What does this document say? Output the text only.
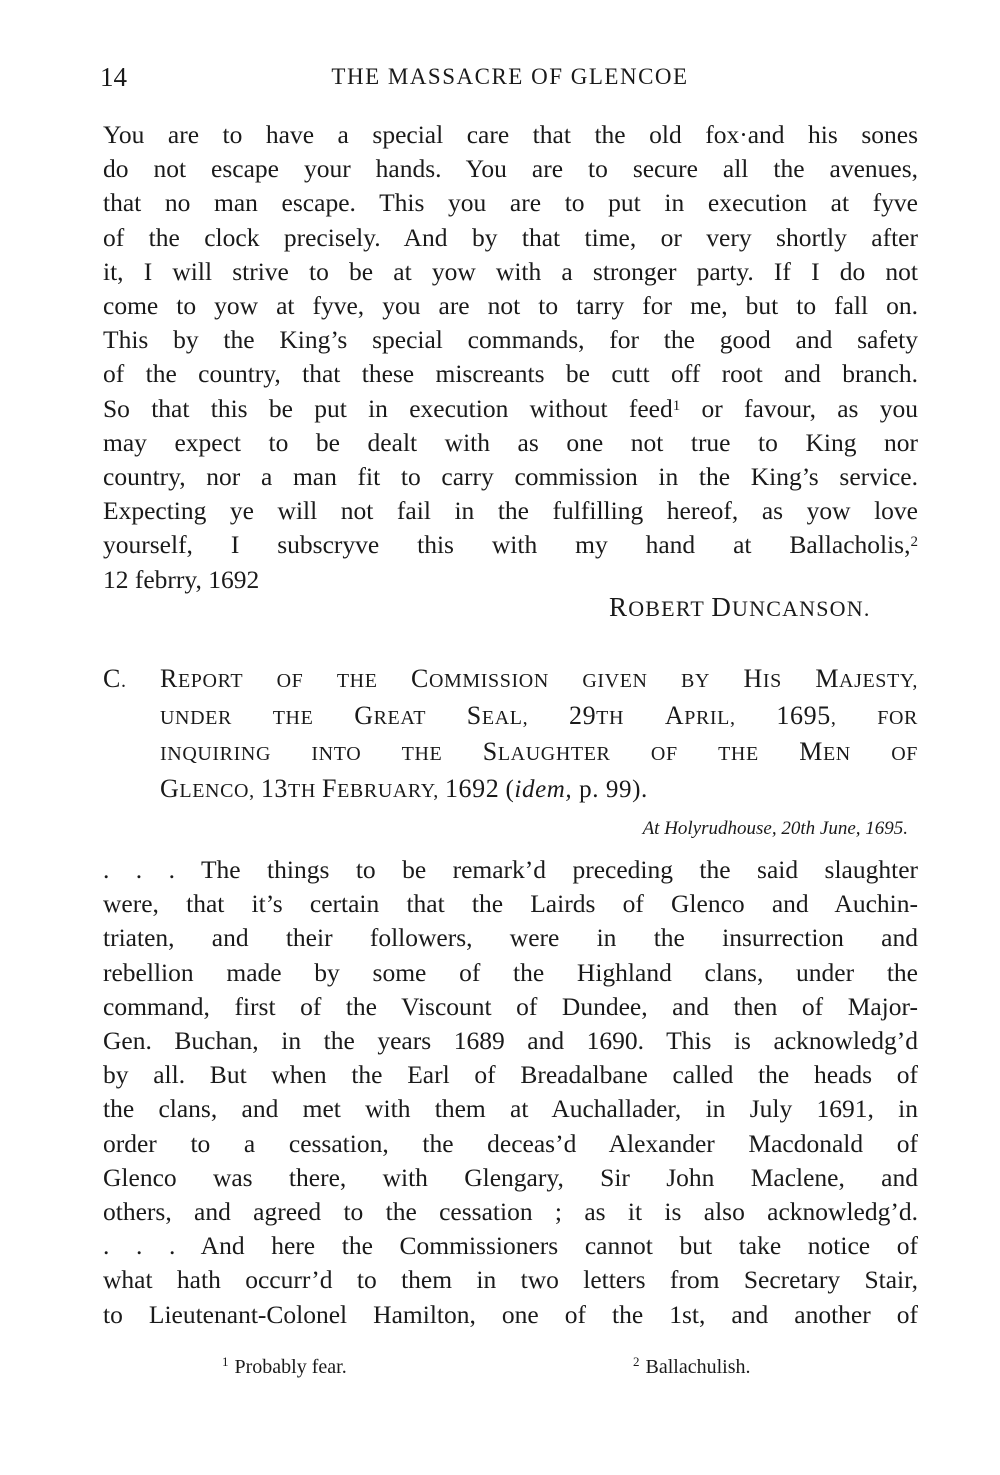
14	THE MASSACRE OF GLENCOE
You are to have a special care that the old fox·and his sones
do not escape your hands. You are to secure all the avenues,
that no man escape. This you are to put in execution at fyve
of the clock precisely. And by that time, or very shortly after
it, I will strive to be at yow with a stronger party. If I do not
come to yow at fyve, you are not to tarry for me, but to fall on.
This by the King’s special commands, for the good and safety
of the country, that these miscreants be cutt off root and branch.
So that this be put in execution without feed$^1$ or favour, as you
may expect to be dealt with as one not true to King nor
country, nor a man fit to carry commission in the King’s service.
Expecting ye will not fail in the fulfilling hereof, as yow love
yourself, I subscryve this with my hand at Ballacholis,$^2$
12 febrry, 1692
ROBERT DUNCANSON.
C. REPORT OF THE COMMISSION GIVEN BY HIS MAJESTY,
UNDER THE GREAT SEAL, 29TH APRIL, 1695, FOR
INQUIRING INTO THE SLAUGHTER OF THE MEN OF
GLENCO, 13TH FEBRUARY, 1692 (idem, p. 99).
At Holyrudhouse, 20th June, 1695.
. . . The things to be remark’d preceding the said slaughter
were, that it’s certain that the Lairds of Glenco and Auchin-
triaten, and their followers, were in the insurrection and
rebellion made by some of the Highland clans, under the
command, first of the Viscount of Dundee, and then of Major-
Gen. Buchan, in the years 1689 and 1690. This is acknowledg’d
by all. But when the Earl of Breadalbane called the heads of
the clans, and met with them at Auchallader, in July 1691, in
order to a cessation, the deceas’d Alexander Macdonald of
Glenco was there, with Glengary, Sir John Maclene, and
others, and agreed to the cessation ; as it is also acknowledg’d.
. . . And here the Commissioners cannot but take notice of
what hath occurr’d to them in two letters from Secretary Stair,
to Lieutenant-Colonel Hamilton, one of the 1st, and another of
$^1$ Probably fear.	$^2$ Ballachulish.
